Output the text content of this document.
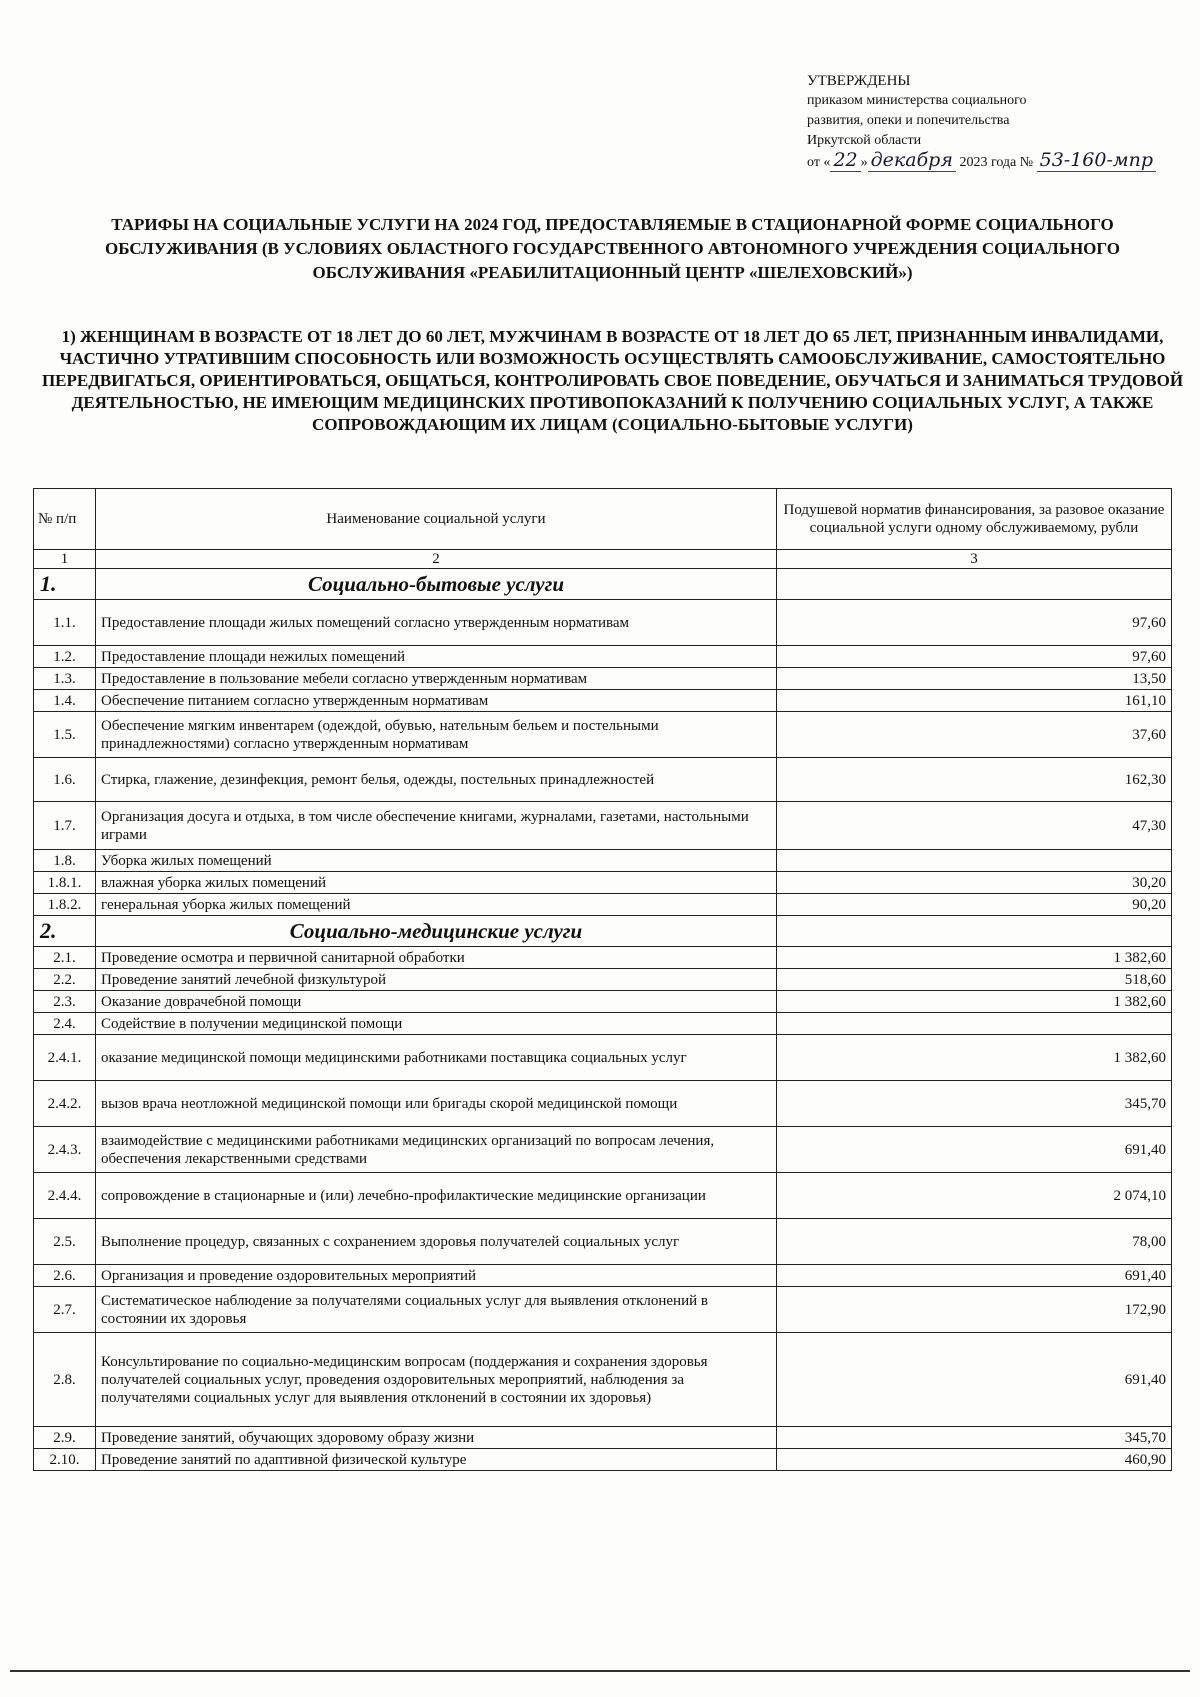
УТВЕРЖДЕНЫ
приказом министерства социального
развития, опеки и попечительства
Иркутской области
от « 22 » декабря 2023 года № 53-160-мпр
ТАРИФЫ НА СОЦИАЛЬНЫЕ УСЛУГИ НА 2024 ГОД, ПРЕДОСТАВЛЯЕМЫЕ В СТАЦИОНАРНОЙ ФОРМЕ СОЦИАЛЬНОГО ОБСЛУЖИВАНИЯ (В УСЛОВИЯХ ОБЛАСТНОГО ГОСУДАРСТВЕННОГО АВТОНОМНОГО УЧРЕЖДЕНИЯ СОЦИАЛЬНОГО ОБСЛУЖИВАНИЯ «РЕАБИЛИТАЦИОННЫЙ ЦЕНТР «ШЕЛЕХОВСКИЙ»)
1) ЖЕНЩИНАМ В ВОЗРАСТЕ ОТ 18 ЛЕТ ДО 60 ЛЕТ, МУЖЧИНАМ В ВОЗРАСТЕ ОТ 18 ЛЕТ ДО 65 ЛЕТ, ПРИЗНАННЫМ ИНВАЛИДАМИ, ЧАСТИЧНО УТРАТИВШИМ СПОСОБНОСТЬ ИЛИ ВОЗМОЖНОСТЬ ОСУЩЕСТВЛЯТЬ САМООБСЛУЖИВАНИЕ, САМОСТОЯТЕЛЬНО ПЕРЕДВИГАТЬСЯ, ОРИЕНТИРОВАТЬСЯ, ОБЩАТЬСЯ, КОНТРОЛИРОВАТЬ СВОЕ ПОВЕДЕНИЕ, ОБУЧАТЬСЯ И ЗАНИМАТЬСЯ ТРУДОВОЙ ДЕЯТЕЛЬНОСТЬЮ, НЕ ИМЕЮЩИМ МЕДИЦИНСКИХ ПРОТИВОПОКАЗАНИЙ К ПОЛУЧЕНИЮ СОЦИАЛЬНЫХ УСЛУГ, А ТАКЖЕ СОПРОВОЖДАЮЩИМ ИХ ЛИЦАМ (СОЦИАЛЬНО-БЫТОВЫЕ УСЛУГИ)
№ п/п	Наименование социальной услуги	Подушевой норматив финансирования, за разовое оказание социальной услуги одному обслуживаемому, рубли
1	2	3
1.	Социально-бытовые услуги	
1.1.	Предоставление площади жилых помещений согласно утвержденным нормативам	97,60
1.2.	Предоставление площади нежилых помещений	97,60
1.3.	Предоставление в пользование мебели согласно утвержденным нормативам	13,50
1.4.	Обеспечение питанием согласно утвержденным нормативам	161,10
1.5.	Обеспечение мягким инвентарем (одеждой, обувью, нательным бельем и постельными принадлежностями) согласно утвержденным нормативам	37,60
1.6.	Стирка, глажение, дезинфекция, ремонт белья, одежды, постельных принадлежностей	162,30
1.7.	Организация досуга и отдыха, в том числе обеспечение книгами, журналами, газетами, настольными играми	47,30
1.8.	Уборка жилых помещений	
1.8.1.	влажная уборка жилых помещений	30,20
1.8.2.	генеральная уборка жилых помещений	90,20
2.	Социально-медицинские услуги	
2.1.	Проведение осмотра и первичной санитарной обработки	1 382,60
2.2.	Проведение занятий лечебной физкультурой	518,60
2.3.	Оказание доврачебной помощи	1 382,60
2.4.	Содействие в получении медицинской помощи	
2.4.1.	оказание медицинской помощи медицинскими работниками поставщика социальных услуг	1 382,60
2.4.2.	вызов врача неотложной медицинской помощи или бригады скорой медицинской помощи	345,70
2.4.3.	взаимодействие с медицинскими работниками медицинских организаций по вопросам лечения, обеспечения лекарственными средствами	691,40
2.4.4.	сопровождение в стационарные и (или) лечебно-профилактические медицинские организации	2 074,10
2.5.	Выполнение процедур, связанных с сохранением здоровья получателей социальных услуг	78,00
2.6.	Организация и проведение оздоровительных мероприятий	691,40
2.7.	Систематическое наблюдение за получателями социальных услуг для выявления отклонений в состоянии их здоровья	172,90
2.8.	Консультирование по социально-медицинским вопросам (поддержания и сохранения здоровья получателей социальных услуг, проведения оздоровительных мероприятий, наблюдения за получателями социальных услуг для выявления отклонений в состоянии их здоровья)	691,40
2.9.	Проведение занятий, обучающих здоровому образу жизни	345,70
2.10.	Проведение занятий по адаптивной физической культуре	460,90
